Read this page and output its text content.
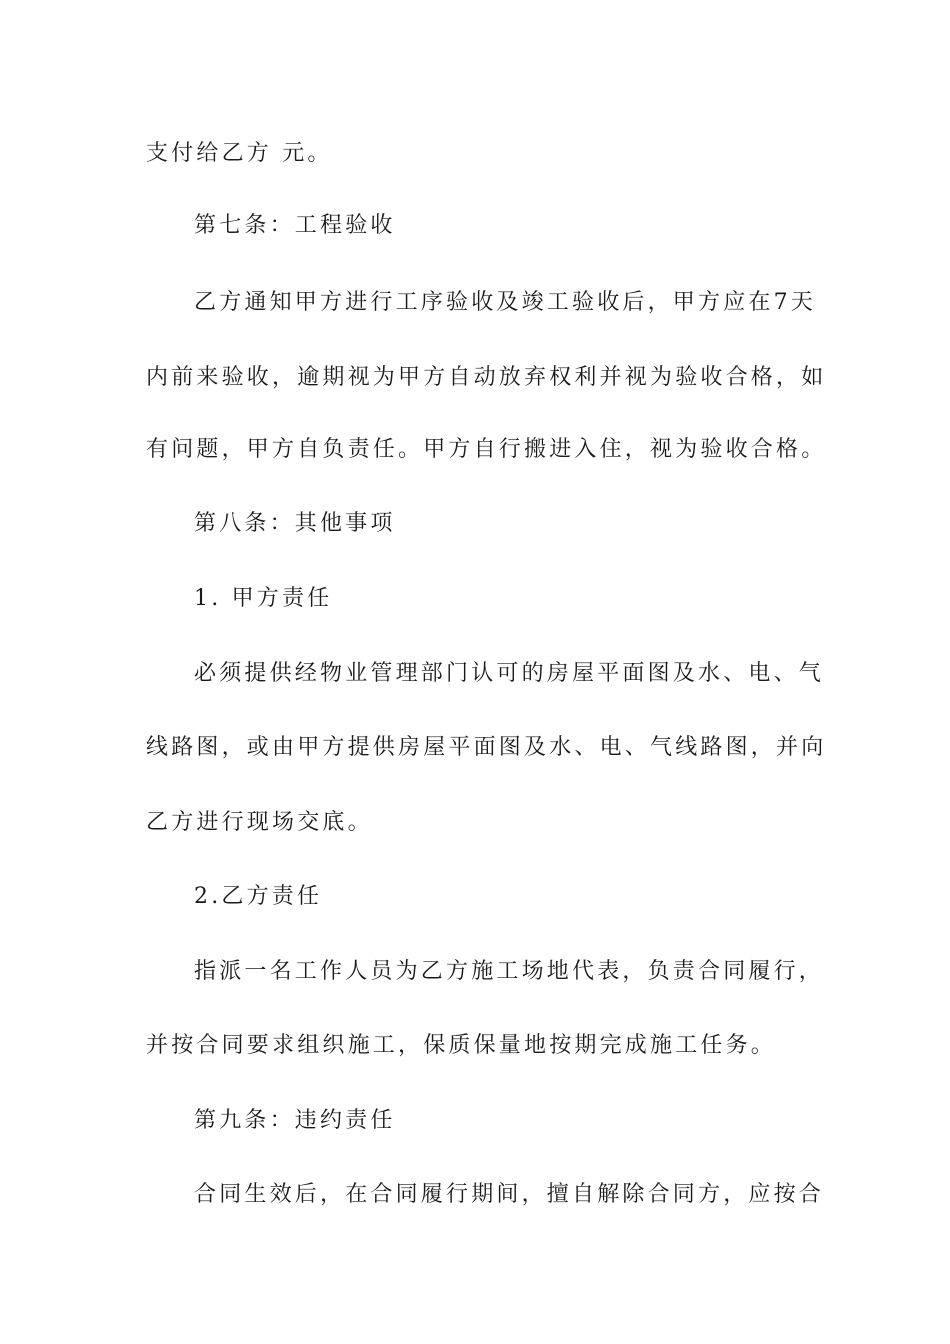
支付给乙方 元。
第七条：工程验收
乙方通知甲方进行工序验收及竣工验收后，甲方应在7天
内前来验收，逾期视为甲方自动放弃权利并视为验收合格，如
有问题，甲方自负责任。甲方自行搬进入住，视为验收合格。
第八条：其他事项
1. 甲方责任
必须提供经物业管理部门认可的房屋平面图及水、电、气
线路图，或由甲方提供房屋平面图及水、电、气线路图，并向
乙方进行现场交底。
2.乙方责任
指派一名工作人员为乙方施工场地代表，负责合同履行，
并按合同要求组织施工，保质保量地按期完成施工任务。
第九条：违约责任
合同生效后，在合同履行期间，擅自解除合同方，应按合
